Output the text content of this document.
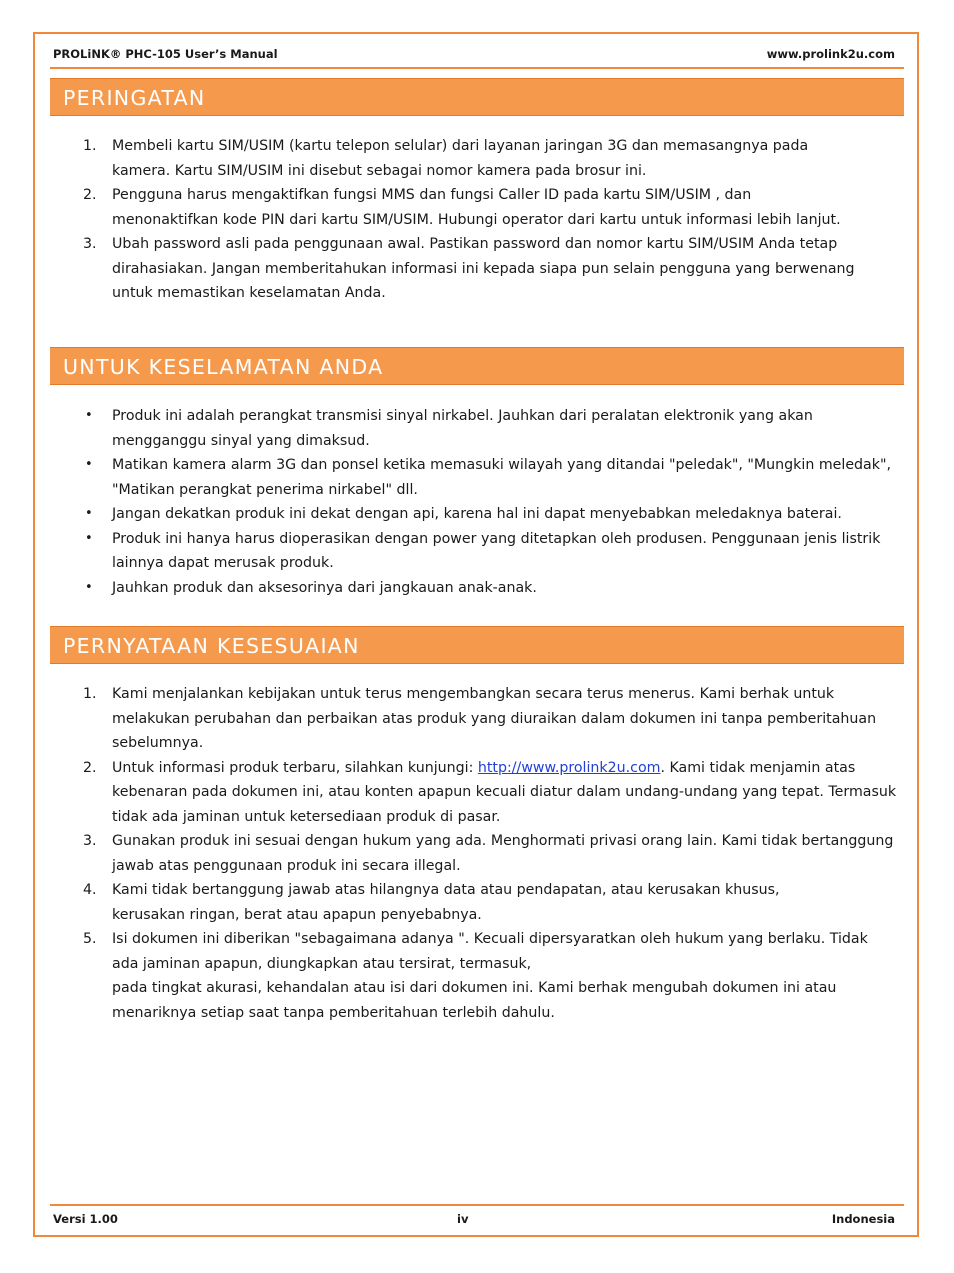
PROLiNK® PHC-105 User’s Manual	www.prolink2u.com
PERINGATAN
1. Membeli kartu SIM/USIM (kartu telepon selular) dari layanan jaringan 3G dan memasangnya pada
kamera. Kartu SIM/USIM ini disebut sebagai nomor kamera pada brosur ini.
2. Pengguna harus mengaktifkan fungsi MMS dan fungsi Caller ID pada kartu SIM/USIM , dan
menonaktifkan kode PIN dari kartu SIM/USIM. Hubungi operator dari kartu untuk informasi lebih lanjut.
3. Ubah password asli pada penggunaan awal. Pastikan password dan nomor kartu SIM/USIM Anda tetap
dirahasiakan. Jangan memberitahukan informasi ini kepada siapa pun selain pengguna yang berwenang
untuk memastikan keselamatan Anda.
UNTUK KESELAMATAN ANDA
• Produk ini adalah perangkat transmisi sinyal nirkabel. Jauhkan dari peralatan elektronik yang akan
mengganggu sinyal yang dimaksud.
• Matikan kamera alarm 3G dan ponsel ketika memasuki wilayah yang ditandai "peledak", "Mungkin meledak",
"Matikan perangkat penerima nirkabel" dll.
• Jangan dekatkan produk ini dekat dengan api, karena hal ini dapat menyebabkan meledaknya baterai.
• Produk ini hanya harus dioperasikan dengan power yang ditetapkan oleh produsen. Penggunaan jenis listrik
lainnya dapat merusak produk.
• Jauhkan produk dan aksesorinya dari jangkauan anak-anak.
PERNYATAAN KESESUAIAN
1. Kami menjalankan kebijakan untuk terus mengembangkan secara terus menerus. Kami berhak untuk
melakukan perubahan dan perbaikan atas produk yang diuraikan dalam dokumen ini tanpa pemberitahuan
sebelumnya.
2. Untuk informasi produk terbaru, silahkan kunjungi: http://www.prolink2u.com. Kami tidak menjamin atas
kebenaran pada dokumen ini, atau konten apapun kecuali diatur dalam undang-undang yang tepat. Termasuk
tidak ada jaminan untuk ketersediaan produk di pasar.
3. Gunakan produk ini sesuai dengan hukum yang ada. Menghormati privasi orang lain. Kami tidak bertanggung
jawab atas penggunaan produk ini secara illegal.
4. Kami tidak bertanggung jawab atas hilangnya data atau pendapatan, atau kerusakan khusus,
kerusakan ringan, berat atau apapun penyebabnya.
5. Isi dokumen ini diberikan "sebagaimana adanya ". Kecuali dipersyaratkan oleh hukum yang berlaku. Tidak
ada jaminan apapun, diungkapkan atau tersirat, termasuk,
pada tingkat akurasi, kehandalan atau isi dari dokumen ini. Kami berhak mengubah dokumen ini atau
menariknya setiap saat tanpa pemberitahuan terlebih dahulu.
Versi 1.00	iv	Indonesia
